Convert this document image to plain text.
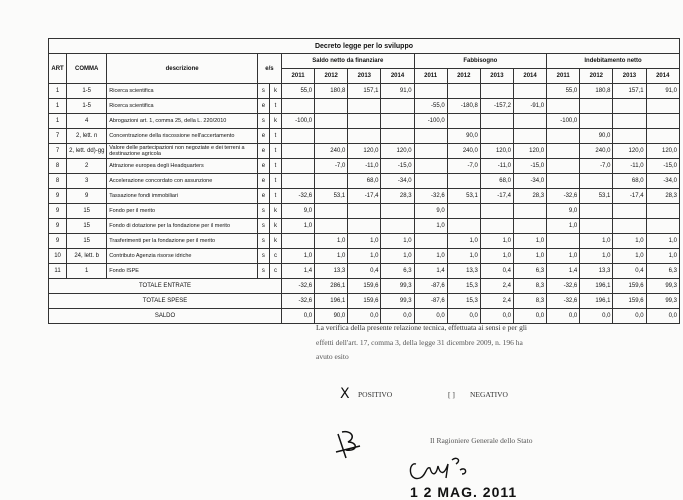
Decreto legge per lo sviluppo																
ART	COMMA	descrizione	e/s		Saldo netto da finanziare				Fabbisogno				Indebitamento netto			
					2011	2012	2013	2014	2011	2012	2013	2014	2011	2012	2013	2014
1	1-5	Ricerca scientifica	s	k	55,0	180,8	157,1	91,0					55,0	180,8	157,1	91,0
1	1-5	Ricerca scientifica	e	t					-55,0	-180,8	-157,2	-91,0				
1	4	Abrogazioni art. 1, comma 25, della L. 220/2010	s	k	-100,0				-100,0				-100,0			
7	2, lett. n	Concentrazione della riscossione nell'accertamento	e	t						90,0				90,0		
7	2, lett. dd)-gg	Valore delle partecipazioni non negoziate e dei terreni a destinazione agricola	e	t		240,0	120,0	120,0		240,0	120,0	120,0		240,0	120,0	120,0
8	2	Attrazione europea degli Headquarters	e	t		-7,0	-11,0	-15,0		-7,0	-11,0	-15,0		-7,0	-11,0	-15,0
8	3	Accelerazione concordato con assunzione	e	t			68,0	-34,0			68,0	-34,0			68,0	-34,0
9	9	Tassazione fondi immobiliari	e	t	-32,6	53,1	-17,4	28,3	-32,6	53,1	-17,4	28,3	-32,6	53,1	-17,4	28,3
9	15	Fondo per il merito	s	k	9,0				9,0				9,0			
9	15	Fondo di dotazione per la fondazione per il merito	s	k	1,0				1,0				1,0			
9	15	Trasferimenti per la fondazione per il merito	s	k		1,0	1,0	1,0		1,0	1,0	1,0		1,0	1,0	1,0
10	24, lett. b	Contributo Agenzia risorse idriche	s	c	1,0	1,0	1,0	1,0	1,0	1,0	1,0	1,0	1,0	1,0	1,0	1,0
11	1	Fondo ISPE	s	c	1,4	13,3	0,4	6,3	1,4	13,3	0,4	6,3	1,4	13,3	0,4	6,3
TOTALE ENTRATE					-32,6	286,1	159,6	99,3	-87,6	15,3	2,4	8,3	-32,6	196,1	159,6	99,3
TOTALE SPESE					-32,6	196,1	159,6	99,3	-87,6	15,3	2,4	8,3	-32,6	196,1	159,6	99,3
SALDO					0,0	90,0	0,0	0,0	0,0	0,0	0,0	0,0	0,0	0,0	0,0	0,0
La verifica della presente relazione tecnica, effettuata ai sensi e per gli
effetti dell'art. 17, comma 3, della legge 31 dicembre 2009, n. 196 ha
avuto esito
X POSITIVO	[ ] NEGATIVO
Il Ragioniere Generale dello Stato
1 2 MAG. 2011
